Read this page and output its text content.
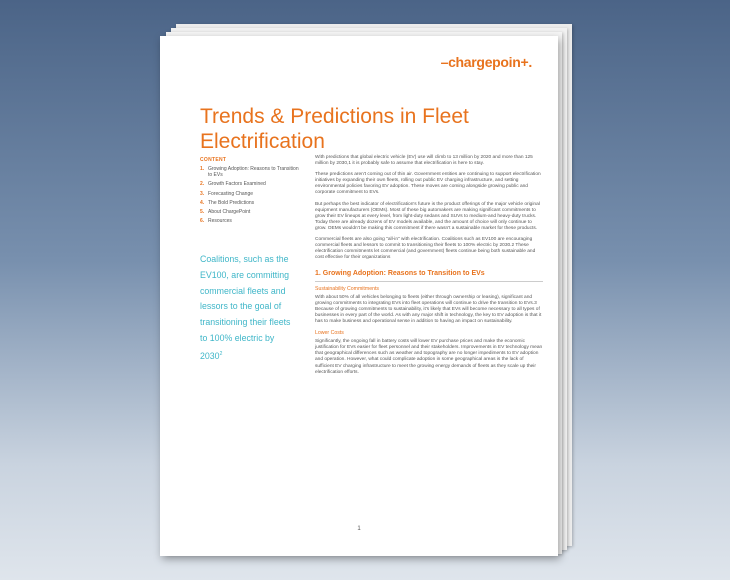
–chargepoin+.
Trends & Predictions in Fleet Electrification
CONTENT
1. Growing Adoption: Reasons to Transition to EVs
2. Growth Factors Examined
3. Forecasting Change
4. The Bold Predictions
5. About ChargePoint
6. Resources
Coalitions, such as the EV100, are committing commercial fleets and lessors to the goal of transitioning their fleets to 100% electric by 2030$^2$

With predictions that global electric vehicle (EV) use will climb to 13 million by 2020 and more than 125 million by 2030,1 it is probably safe to assume that electrification is here to stay.

These predictions aren't coming out of thin air. Government entities are continuing to support electrification initiatives by expanding their own fleets, rolling out public EV charging infrastructure, and setting environmental policies favoring EV adoption. These moves are coming alongside growing public and corporate commitment to EVs.

But perhaps the best indicator of electrification's future is the product offerings of the major vehicle original equipment manufacturers (OEMs). Most of these big automakers are making significant commitments to grow their EV lineups at every level, from light-duty sedans and SUVs to medium-and heavy-duty trucks. Today there are already dozens of EV models available, and the amount of choice will only continue to grow. OEMs wouldn't be making this commitment if there wasn't a sustainable market for these products.

Commercial fleets are also going "all-in" with electrification. Coalitions such as EV100 are encouraging commercial fleets and lessors to commit to transitioning their fleets to 100% electric by 2030.2 These electrification commitments let commercial (and government) fleets continue being both sustainable and cost effective for their organizations

1. Growing Adoption: Reasons to Transition to EVs
Sustainability Commitments

With about 50% of all vehicles belonging to fleets (either through ownership or leasing), significant and growing commitments to integrating EVs into fleet operations will continue to drive the transition to EVs.3 Because of growing commitments to sustainability, it's likely that EVs will become necessary to all types of businesses in every part of the world. As with any major shift in technology, the key to EV adoption is that it has to make business and operational sense in addition to having an impact on sustainability.

Lower Costs

Significantly, the ongoing fall in battery costs will lower EV purchase prices and make the economic justification for EVs easier for fleet personnel and their stakeholders. Improvements in EV technology mean that geographical differences such as weather and topography are no longer impediments to EV adoption and operation. However, what could complicate adoption in some geographical areas is the lack of sufficient EV charging infrastructure to meet the growing energy demands of fleets as they scale up their electrification efforts.

1
